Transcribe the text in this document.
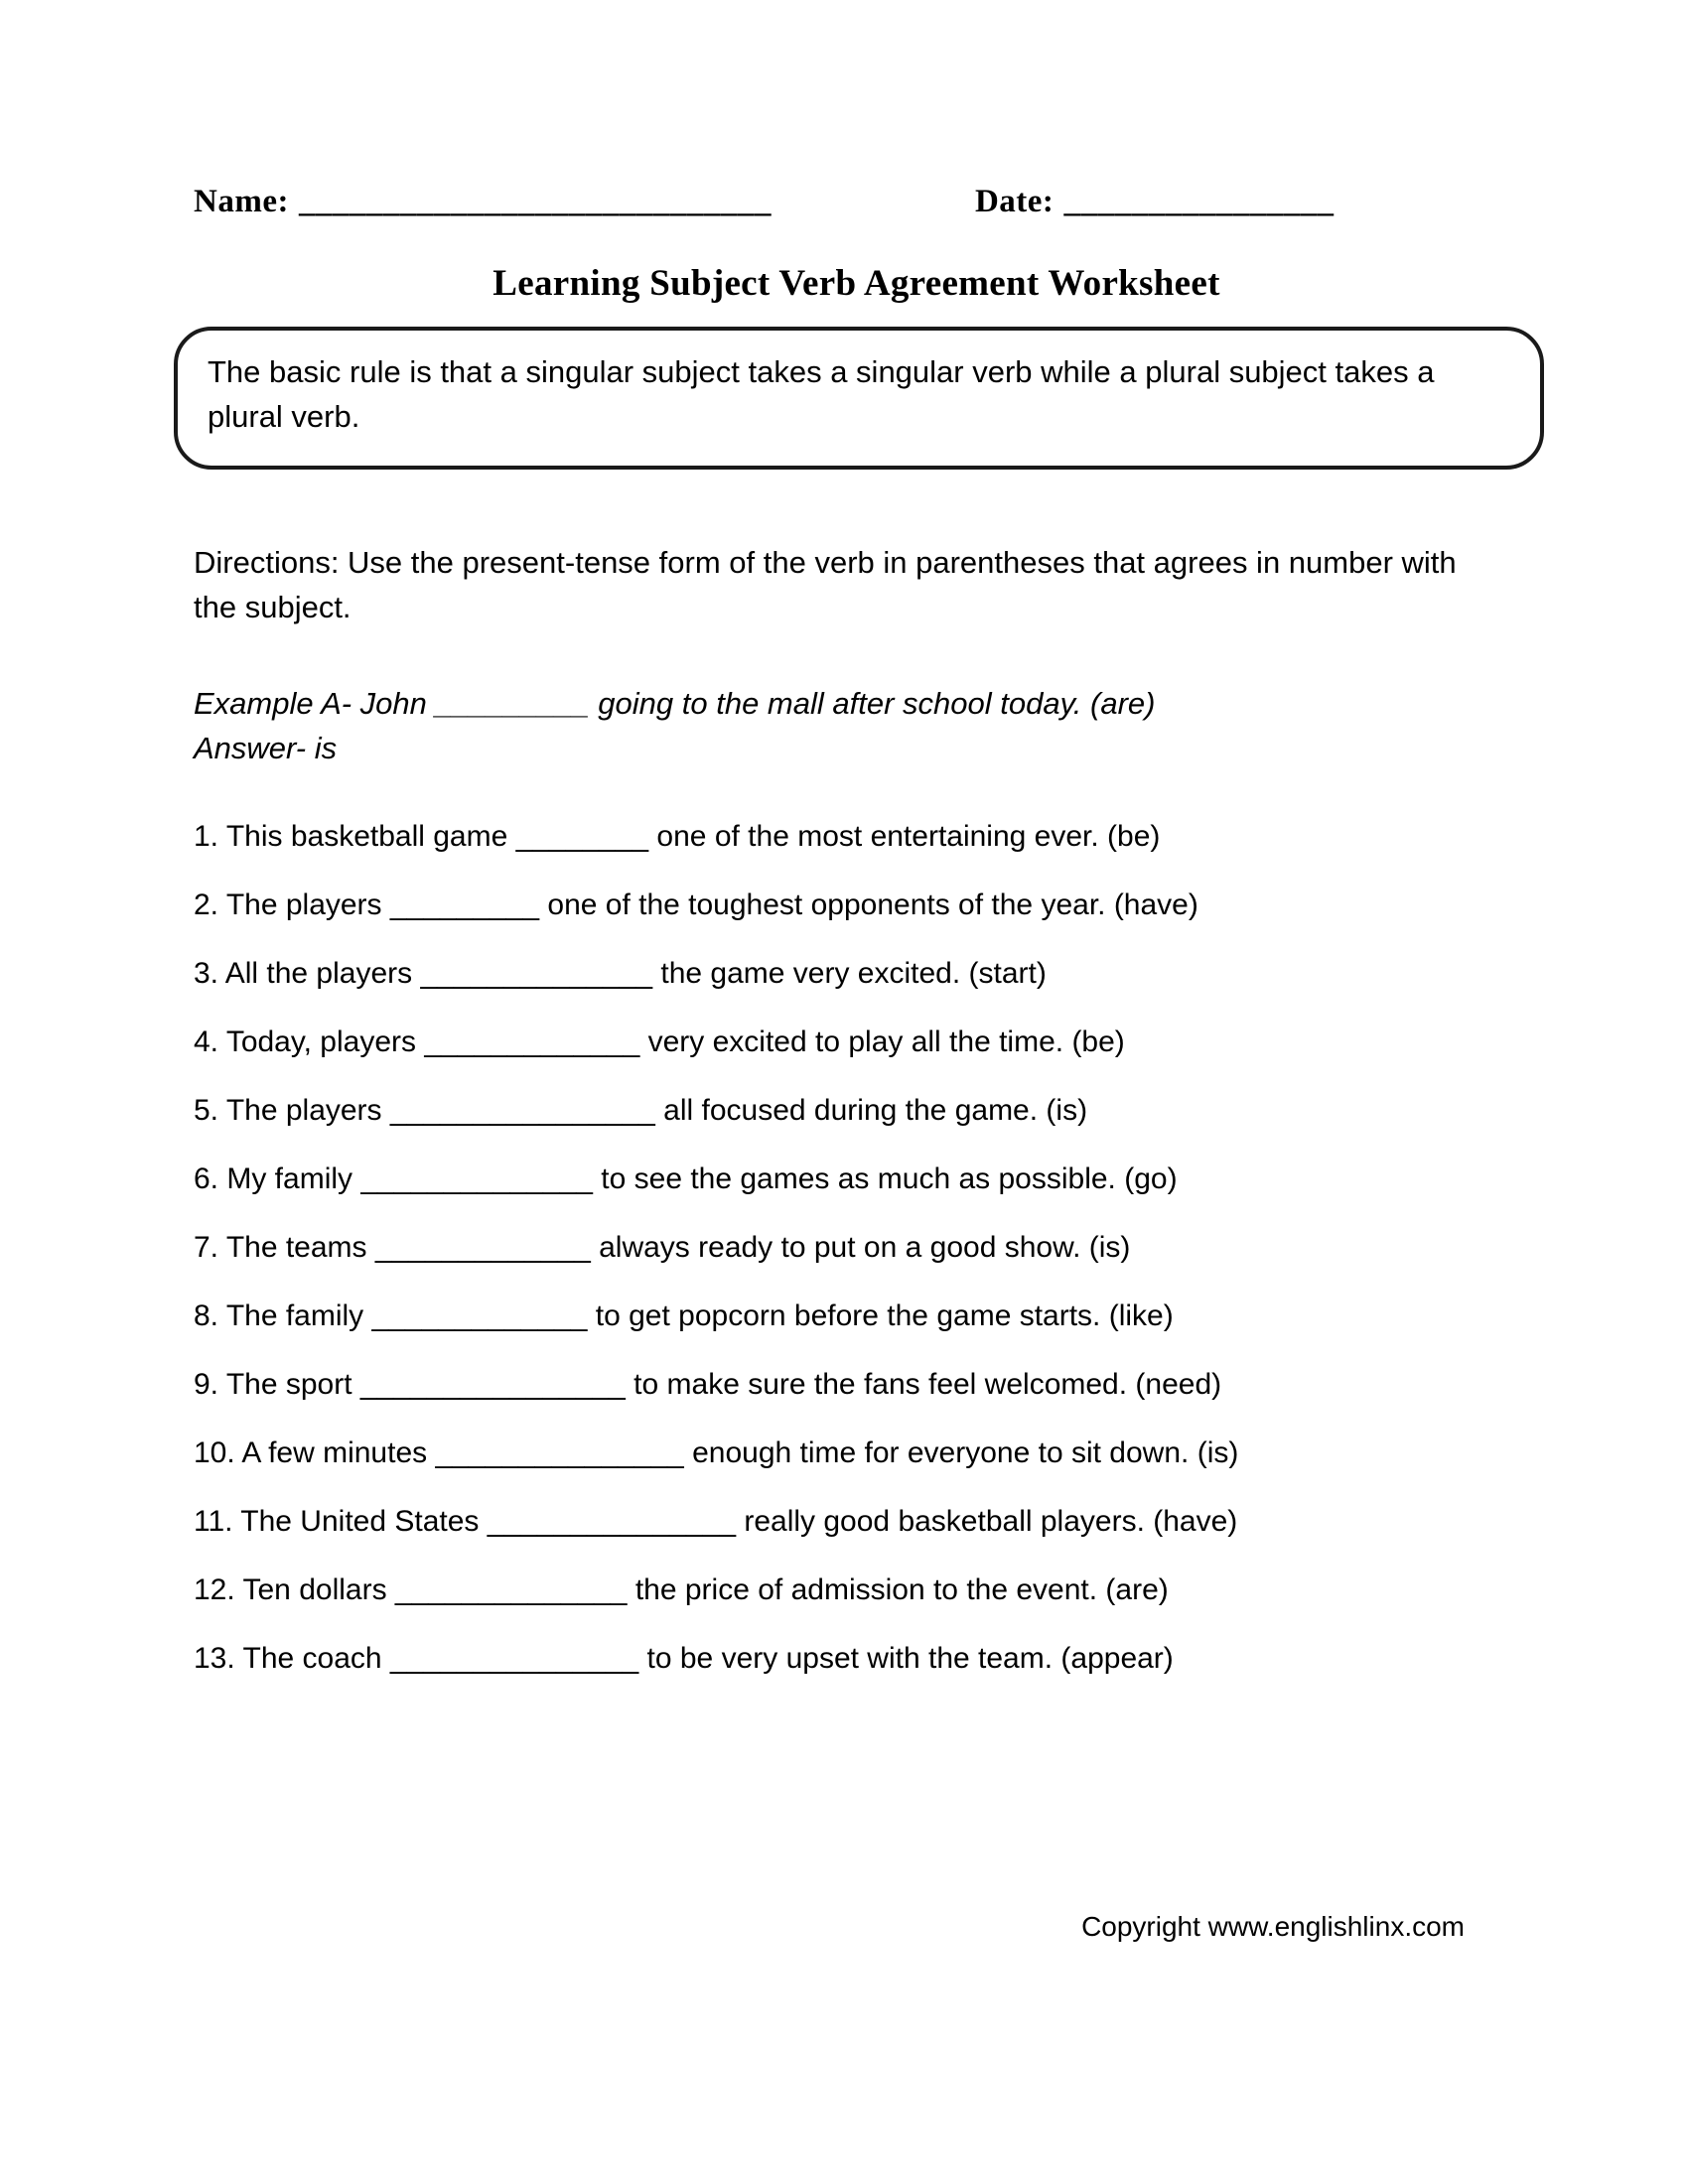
Name: ____________________________	Date: ________________
Learning Subject Verb Agreement Worksheet
The basic rule is that a singular subject takes a singular verb while a plural subject takes a plural verb.
Directions: Use the present-tense form of the verb in parentheses that agrees in number with the subject.
Example A- John _________ going to the mall after school today. (are)
Answer- is

1. This basketball game ________ one of the most entertaining ever. (be)

2. The players _________ one of the toughest opponents of the year. (have)

3. All the players ______________ the game very excited. (start)

4. Today, players _____________ very excited to play all the time. (be)

5. The players ________________ all focused during the game. (is)

6. My family ______________ to see the games as much as possible. (go)

7. The teams _____________ always ready to put on a good show. (is)

8. The family _____________ to get popcorn before the game starts. (like)

9. The sport ________________ to make sure the fans feel welcomed. (need)

10. A few minutes _______________ enough time for everyone to sit down. (is)

11. The United States _______________ really good basketball players. (have)

12. Ten dollars ______________ the price of admission to the event. (are)

13. The coach _______________ to be very upset with the team. (appear)

Copyright www.englishlinx.com
